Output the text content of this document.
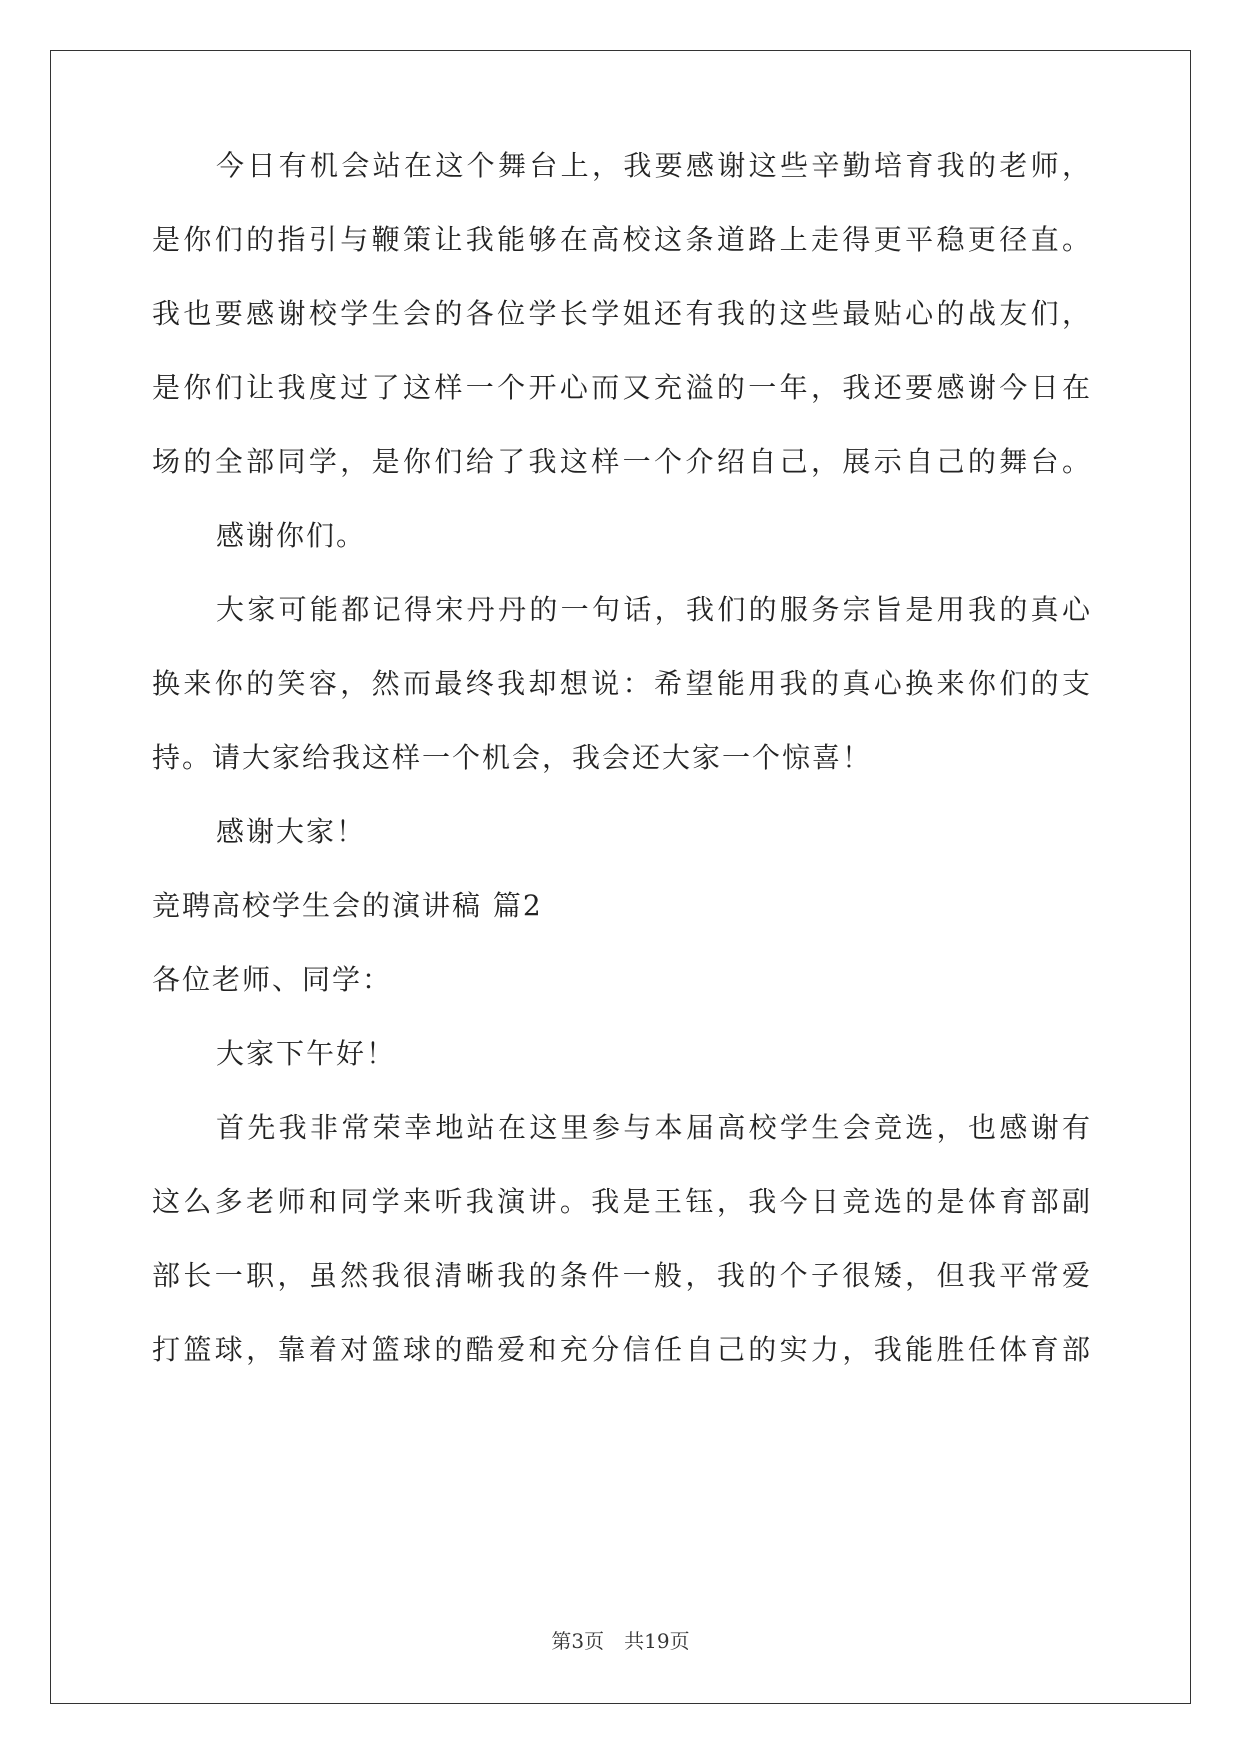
今日有机会站在这个舞台上，我要感谢这些辛勤培育我的老师，
是你们的指引与鞭策让我能够在高校这条道路上走得更平稳更径直。
我也要感谢校学生会的各位学长学姐还有我的这些最贴心的战友们，
是你们让我度过了这样一个开心而又充溢的一年，我还要感谢今日在
场的全部同学，是你们给了我这样一个介绍自己，展示自己的舞台。
感谢你们。
大家可能都记得宋丹丹的一句话，我们的服务宗旨是用我的真心
换来你的笑容，然而最终我却想说：希望能用我的真心换来你们的支
持。请大家给我这样一个机会，我会还大家一个惊喜！
感谢大家！
竞聘高校学生会的演讲稿 篇2
各位老师、同学：
大家下午好！
首先我非常荣幸地站在这里参与本届高校学生会竞选，也感谢有
这么多老师和同学来听我演讲。我是王钰，我今日竞选的是体育部副
部长一职，虽然我很清晰我的条件一般，我的个子很矮，但我平常爱
打篮球，靠着对篮球的酷爱和充分信任自己的实力，我能胜任体育部
第3页　共19页
